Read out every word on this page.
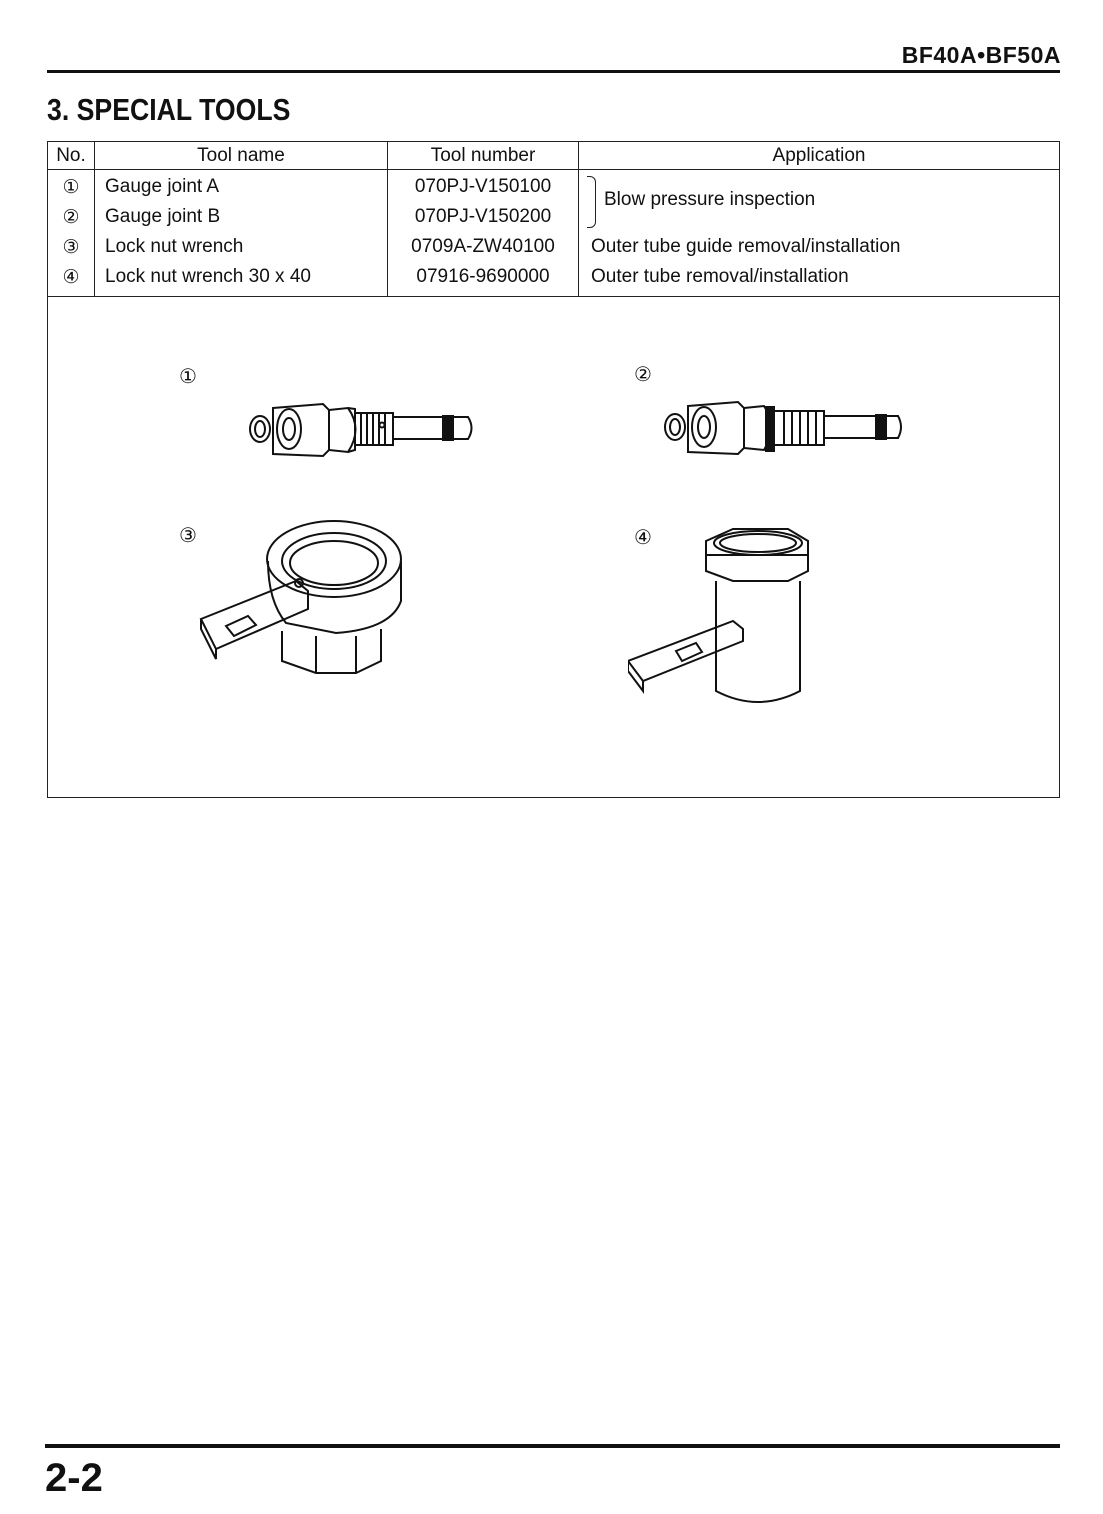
BF40A•BF50A
3. SPECIAL TOOLS
No.	Tool name	Tool number	Application
①	Gauge joint A	070PJ-V150100	Blow pressure inspection

②	Gauge joint B	070PJ-V150200	
③	Lock nut wrench	0709A-ZW40100	Outer tube guide removal/installation
④	Lock nut wrench 30 x 40	07916-9690000	Outer tube removal/installation
①	②
③	④
2-2
